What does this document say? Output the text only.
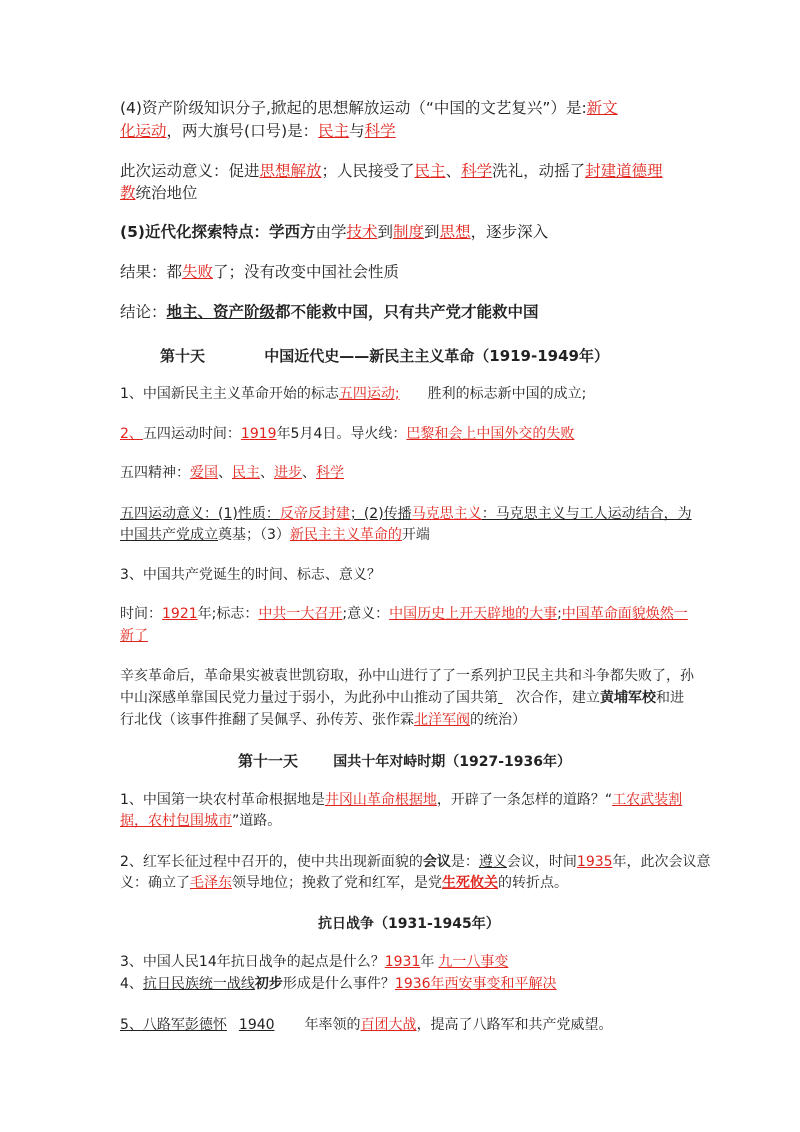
(4)资产阶级知识分子,掀起的思想解放运动（“中国的文艺复兴”）是:新文
化运动，两大旗号(口号)是：民主与科学
此次运动意义：促进思想解放；人民接受了民主、科学洗礼，动摇了封建道德理
教统治地位
(5)近代化探索特点：学西方由学技术到制度到思想，逐步深入
结果：都失败了；没有改变中国社会性质
结论：地主、资产阶级都不能救中国，只有共产党才能救中国
第十天	中国近代史——新民主主义革命（1919-1949年）
1、中国新民主主义革命开始的标志五四运动; 胜利的标志新中国的成立;
2、五四运动时间：1919年5月4日。导火线：巴黎和会上中国外交的失败
五四精神：爱国、民主、进步、科学
五四运动意义：(1)性质：反帝反封建；(2)传播马克思主义：马克思主义与工人运动结合，为
中国共产党成立奠基；（3）新民主主义革命的开端
3、中国共产党诞生的时间、标志、意义？
时间：1921年;标志：中共一大召开;意义：中国历史上开天辟地的大事;中国革命面貌焕然一
新了
辛亥革命后，革命果实被袁世凯窃取，孙中山进行了了一系列护卫民主共和斗争都失败了，孙
中山深感单靠国民党力量过于弱小，为此孙中山推动了国共第 次合作，建立黄埔军校和进
行北伐（该事件推翻了吴佩孚、孙传芳、张作霖北洋军阀的统治）
第十一天	国共十年对峙时期（1927-1936年）
1、中国第一块农村革命根据地是井冈山革命根据地，开辟了一条怎样的道路？“工农武装割
据，农村包围城市”道路。
2、红军长征过程中召开的，使中共出现新面貌的会议是：遵义会议，时间1935年，此次会议意
义：确立了毛泽东领导地位；挽救了党和红军，是党生死攸关的转折点。
抗日战争（1931-1945年）
3、中国人民14年抗日战争的起点是什么？1931年 九一八事变
4、抗日民族统一战线初步形成是什么事件？1936年西安事变和平解决
5、八路军彭德怀 1940 年率领的百团大战，提高了八路军和共产党威望。
